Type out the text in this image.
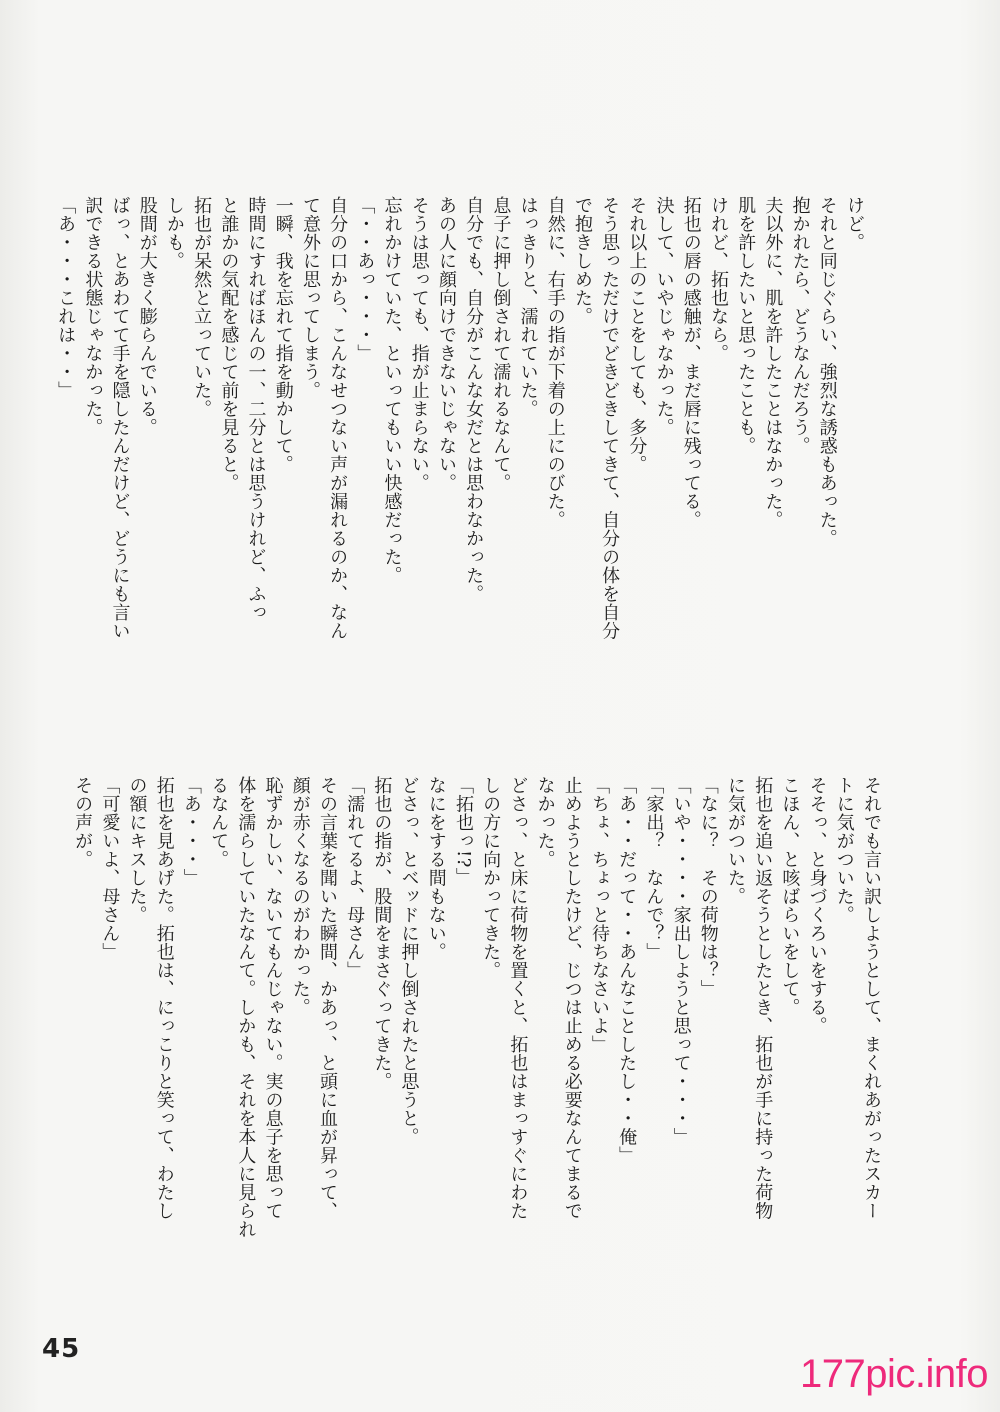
けど。

それと同じぐらい、強烈な誘惑もあった。

抱かれたら、どうなんだろう。

夫以外に、肌を許したことはなかった。

肌を許したいと思ったことも。

けれど、拓也なら。

拓也の唇の感触が、まだ唇に残ってる。

決して、いやじゃなかった。

それ以上のことをしても、多分。

そう思っただけでどきどきしてきて、自分の体を自分

で抱きしめた。

自然に、右手の指が下着の上にのびた。

はっきりと、濡れていた。

息子に押し倒されて濡れるなんて。

自分でも、自分がこんな女だとは思わなかった。

あの人に顔向けできないじゃない。

そうは思っても、指が止まらない。

忘れかけていた、といってもいい快感だった。

「・・あっ・・・」

自分の口から、こんなせつない声が漏れるのか、なん

て意外に思ってしまう。

一瞬、我を忘れて指を動かして。

時間にすればほんの一、二分とは思うけれど、ふっ

と誰かの気配を感じて前を見ると。

拓也が呆然と立っていた。

しかも。

股間が大きく膨らんでいる。

ばっ、とあわてて手を隠したんだけど、どうにも言い

訳できる状態じゃなかった。

「あ・・・これは・・」

それでも言い訳しようとして、まくれあがったスカー

トに気がついた。

そそっ、と身づくろいをする。

こほん、と咳ばらいをして。

拓也を追い返そうとしたとき、拓也が手に持った荷物

に気がついた。

「なに？　その荷物は？」

「いや・・・・家出しようと思って・・・」

「家出？　なんで？」

「あ・・だって・・あんなことしたし・・俺」

「ちょ、ちょっと待ちなさいよ」

止めようとしたけど、じつは止める必要なんてまるで

なかった。

どさっ、と床に荷物を置くと、拓也はまっすぐにわた

しの方に向かってきた。

「拓也っ!?」

なにをする間もない。

どさっ、とベッドに押し倒されたと思うと。

拓也の指が、股間をまさぐってきた。

「濡れてるよ、母さん」

その言葉を聞いた瞬間、かあっ、と頭に血が昇って、

顔が赤くなるのがわかった。

恥ずかしい、ないてもんじゃない。実の息子を思って

体を濡らしていたなんて。しかも、それを本人に見られ

るなんて。

「あ・・・」

拓也を見あげた。拓也は、にっこりと笑って、わたし

の額にキスした。

「可愛いよ、母さん」

その声が。

45
177pic.info
